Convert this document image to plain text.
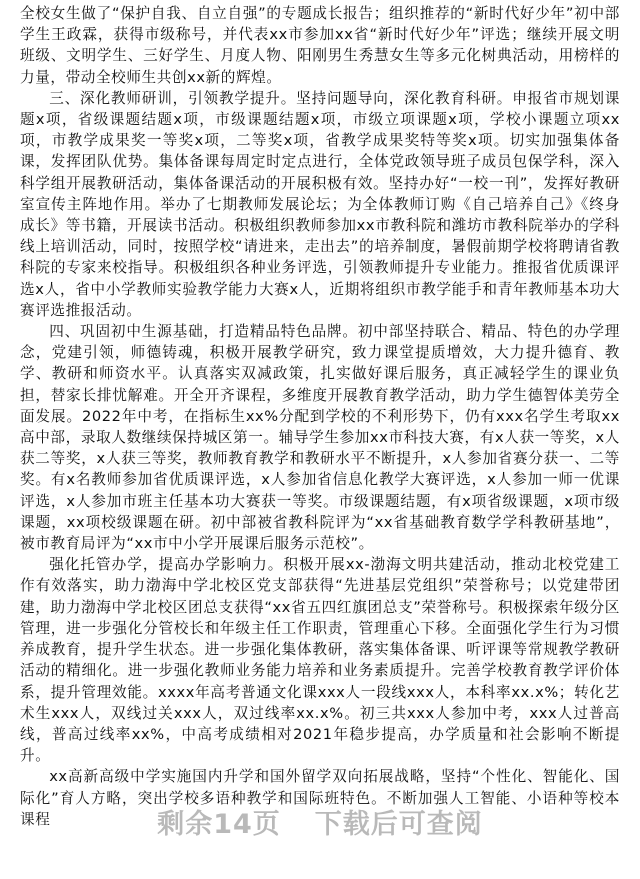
全校女生做了“保护自我、自立自强”的专题成长报告；组织推荐的“新时代好少年”初中部学生王政霖，获得市级称号，并代表xx市参加xx省“新时代好少年”评选；继续开展文明班级、文明学生、三好学生、月度人物、阳刚男生秀慧女生等多元化树典活动，用榜样的力量，带动全校师生共创xx新的辉煌。

三、深化教师研训，引领教学提升。坚持问题导向，深化教育科研。申报省市规划课题x项，省级课题结题x项，市级课题结题x项，市级立项课题x项，学校小课题立项xx项，市教学成果奖一等奖x项，二等奖x项，省教学成果奖特等奖x项。切实加强集体备课，发挥团队优势。集体备课每周定时定点进行，全体党政领导班子成员包保学科，深入科学组开展教研活动，集体备课活动的开展积极有效。坚持办好“一校一刊”，发挥好教研室宣传主阵地作用。举办了七期教师发展论坛；为全体教师订购《自己培养自己》《终身成长》等书籍，开展读书活动。积极组织教师参加xx市教科院和潍坊市教科院举办的学科线上培训活动，同时，按照学校“请进来，走出去”的培养制度，暑假前期学校将聘请省教科院的专家来校指导。积极组织各种业务评选，引领教师提升专业能力。推报省优质课评选x人，省中小学教师实验教学能力大赛x人，近期将组织市教学能手和青年教师基本功大赛评选推报活动。

四、巩固初中生源基础，打造精品特色品牌。初中部坚持联合、精品、特色的办学理念，党建引领，师德铸魂，积极开展教学研究，致力课堂提质增效，大力提升德育、教学、教研和师资水平。认真落实双减政策，扎实做好课后服务，真正减轻学生的课业负担，替家长排忧解难。开全开齐课程，多维度开展教育教学活动，助力学生德智体美劳全面发展。2022年中考，在指标生xx%分配到学校的不利形势下，仍有xxx名学生考取xx高中部，录取人数继续保持城区第一。辅导学生参加xx市科技大赛，有x人获一等奖，x人获二等奖，x人获三等奖，教师教育教学和教研水平不断提升，x人参加省赛分获一、二等奖。有x名教师参加省优质课评选，x人参加省信息化教学大赛评选，x人参加一师一优课评选，x人参加市班主任基本功大赛获一等奖。市级课题结题，有x项省级课题，x项市级课题，xx项校级课题在研。初中部被省教科院评为“xx省基础教育数学学科教研基地”，被市教育局评为“xx市中小学开展课后服务示范校”。

强化托管办学，提高办学影响力。积极开展xx-渤海文明共建活动，推动北校党建工作有效落实，助力渤海中学北校区党支部获得“先进基层党组织”荣誉称号；以党建带团建，助力渤海中学北校区团总支获得“xx省五四红旗团总支”荣誉称号。积极探索年级分区管理，进一步强化分管校长和年级主任工作职责，管理重心下移。全面强化学生行为习惯养成教育，提升学生状态。进一步强化集体教研，落实集体备课、听评课等常规教学教研活动的精细化。进一步强化教师业务能力培养和业务素质提升。完善学校教育教学评价体系，提升管理效能。xxxx年高考普通文化课xxx人一段线xxx人，本科率xx.x%；转化艺术生xxx人，双线过关xxx人，双过线率xx.x%。初三共xxx人参加中考，xxx人过普高线，普高过线率xx%，中高考成绩相对2021年稳步提高，办学质量和社会影响不断提升。

xx高新高级中学实施国内升学和国外留学双向拓展战略，坚持“个性化、智能化、国际化”育人方略，突出学校多语种教学和国际班特色。不断加强人工智能、小语种等校本课程	剩余14页 下载后可查阅
